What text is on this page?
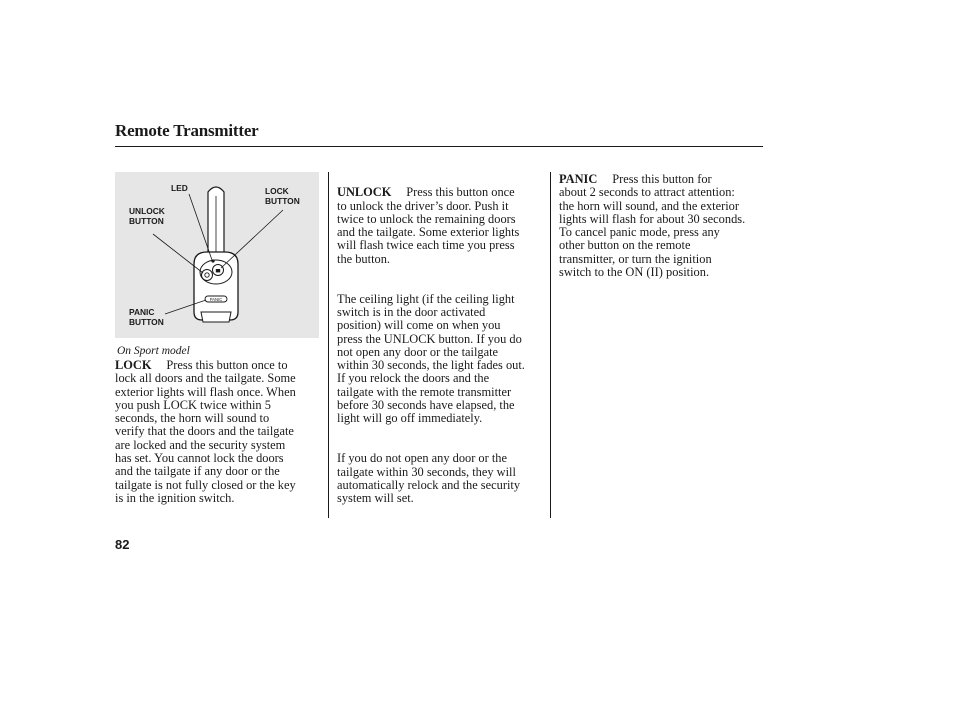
Remote Transmitter
PANIC
LED	LOCK
BUTTON
UNLOCK
BUTTON
PANIC
BUTTON
On Sport model
LOCK Press this button once to
lock all doors and the tailgate. Some
exterior lights will flash once. When
you push LOCK twice within 5
seconds, the horn will sound to
verify that the doors and the tailgate
are locked and the security system
has set. You cannot lock the doors
and the tailgate if any door or the
tailgate is not fully closed or the key
is in the ignition switch.

UNLOCK Press this button once
to unlock the driver’s door. Push it
twice to unlock the remaining doors
and the tailgate. Some exterior lights
will flash twice each time you press
the button.

The ceiling light (if the ceiling light
switch is in the door activated
position) will come on when you
press the UNLOCK button. If you do
not open any door or the tailgate
within 30 seconds, the light fades out.
If you relock the doors and the
tailgate with the remote transmitter
before 30 seconds have elapsed, the
light will go off immediately.

If you do not open any door or the
tailgate within 30 seconds, they will
automatically relock and the security
system will set.

PANIC Press this button for
about 2 seconds to attract attention:
the horn will sound, and the exterior
lights will flash for about 30 seconds.
To cancel panic mode, press any
other button on the remote
transmitter, or turn the ignition
switch to the ON (II) position.
82
